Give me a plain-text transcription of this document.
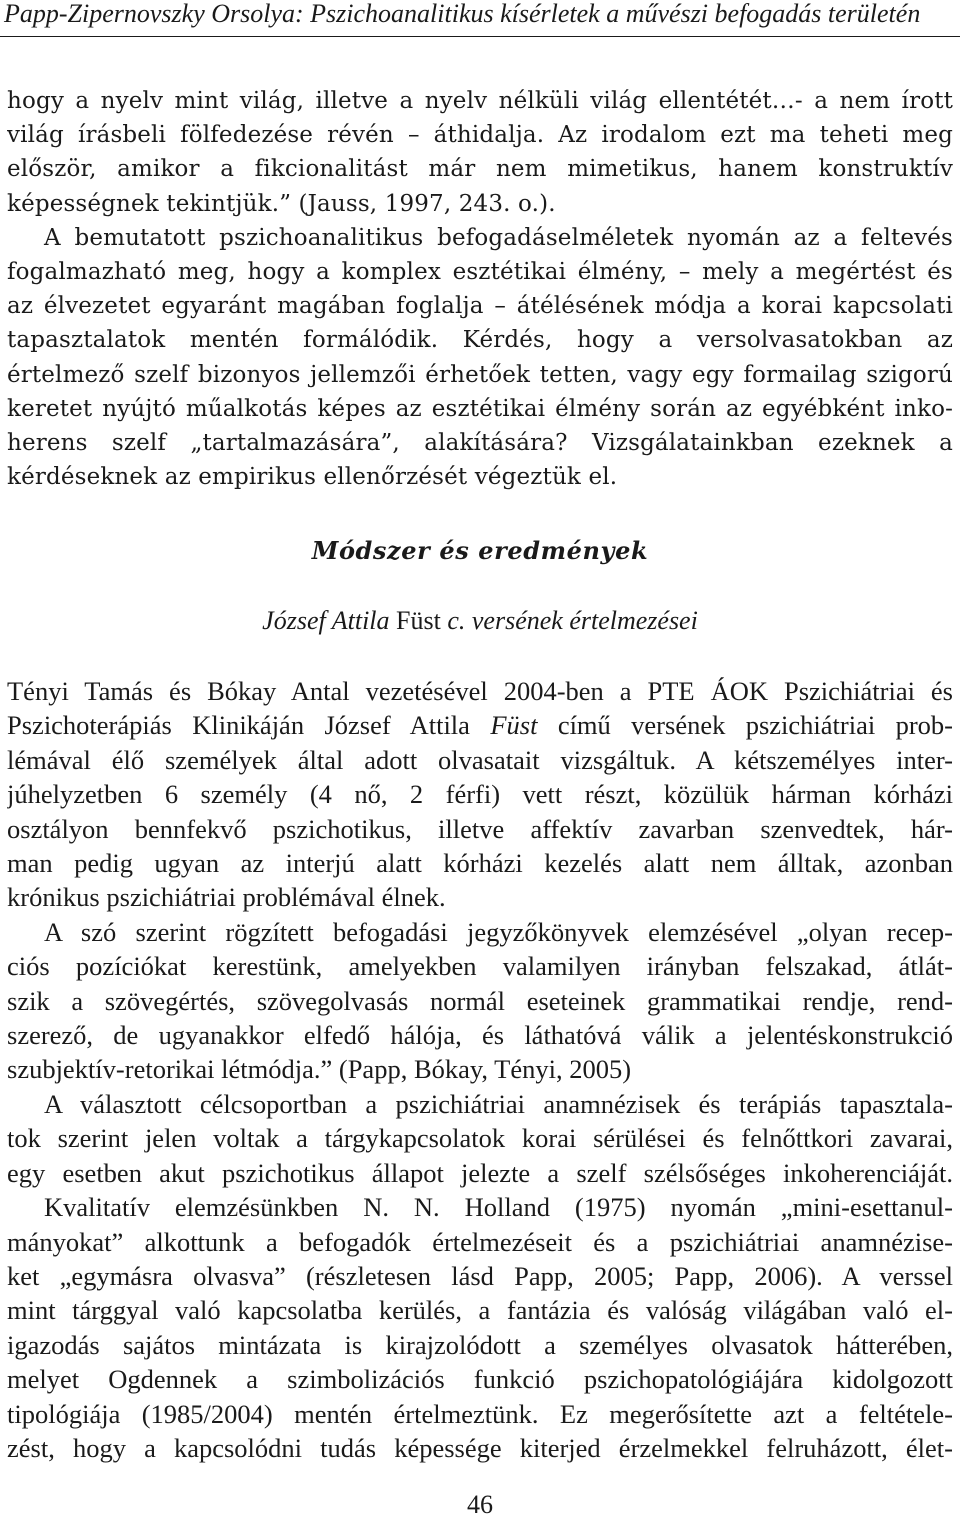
Papp-Zipernovszky Orsolya: Pszichoanalitikus kísérletek a művészi befogadás területén
hogy a nyelv mint világ, illetve a nyelv nélküli világ ellentétét…- a nem írott
világ írásbeli fölfedezése révén – áthidalja. Az irodalom ezt ma teheti meg
először, amikor a fikcionalitást már nem mimetikus, hanem konstruktív
képességnek tekintjük.” (Jauss, 1997, 243. o.).
A bemutatott pszichoanalitikus befogadáselméletek nyomán az a feltevés
fogalmazható meg, hogy a komplex esztétikai élmény, – mely a megértést és
az élvezetet egyaránt magában foglalja – átélésének módja a korai kapcsolati
tapasztalatok mentén formálódik. Kérdés, hogy a versolvasatokban az
értelmező szelf bizonyos jellemzői érhetőek tetten, vagy egy formailag szigorú
keretet nyújtó műalkotás képes az esztétikai élmény során az egyébként inko-
herens szelf „tartalmazására”, alakítására? Vizsgálatainkban ezeknek a
kérdéseknek az empirikus ellenőrzését végeztük el.
Módszer és eredmények
József Attila Füst c. versének értelmezései
Tényi Tamás és Bókay Antal vezetésével 2004-ben a PTE ÁOK Pszichiátriai és
Pszichoterápiás Klinikáján József Attila Füst című versének pszichiátriai prob-
lémával élő személyek által adott olvasatait vizsgáltuk. A kétszemélyes inter-
júhelyzetben 6 személy (4 nő, 2 férfi) vett részt, közülük hárman kórházi
osztályon bennfekvő pszichotikus, illetve affektív zavarban szenvedtek, hár-
man pedig ugyan az interjú alatt kórházi kezelés alatt nem álltak, azonban
krónikus pszichiátriai problémával élnek.
A szó szerint rögzített befogadási jegyzőkönyvek elemzésével „olyan recep-
ciós pozíciókat kerestünk, amelyekben valamilyen irányban felszakad, átlát-
szik a szövegértés, szövegolvasás normál eseteinek grammatikai rendje, rend-
szerező, de ugyanakkor elfedő hálója, és láthatóvá válik a jelentéskonstrukció
szubjektív-retorikai létmódja.” (Papp, Bókay, Tényi, 2005)
A választott célcsoportban a pszichiátriai anamnézisek és terápiás tapasztala-
tok szerint jelen voltak a tárgykapcsolatok korai sérülései és felnőttkori zavarai,
egy esetben akut pszichotikus állapot jelezte a szelf szélsőséges inkoherenciáját.
Kvalitatív elemzésünkben N. N. Holland (1975) nyomán „mini-esettanul-
mányokat” alkottunk a befogadók értelmezéseit és a pszichiátriai anamnézise-
ket „egymásra olvasva” (részletesen lásd Papp, 2005; Papp, 2006). A verssel
mint tárggyal való kapcsolatba kerülés, a fantázia és valóság világában való el-
igazodás sajátos mintázata is kirajzolódott a személyes olvasatok hátterében,
melyet Ogdennek a szimbolizációs funkció pszichopatológiájára kidolgozott
tipológiája (1985/2004) mentén értelmeztünk. Ez megerősítette azt a feltétele-
zést, hogy a kapcsolódni tudás képessége kiterjed érzelmekkel felruházott, élet-
46
